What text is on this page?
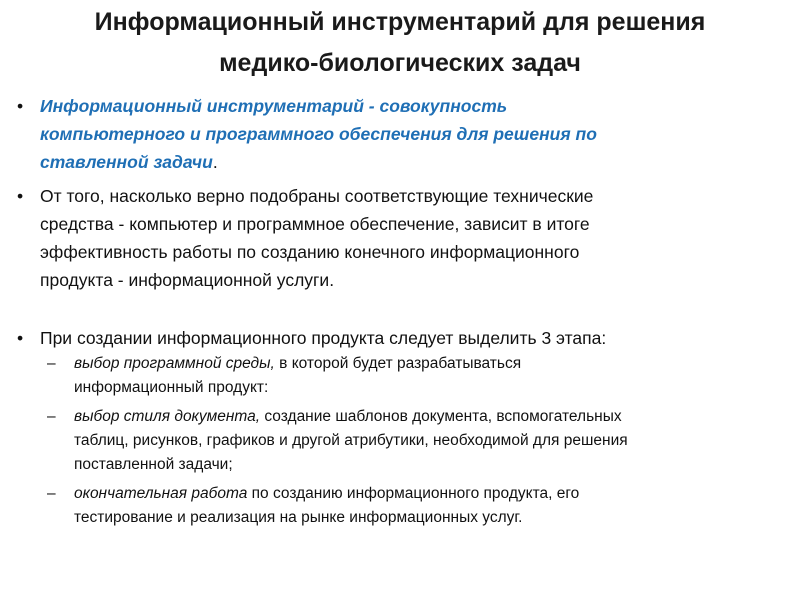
Информационный инструментарий для решения
медико-биологических задач
• Информационный инструментарий - совокупность
компьютерного и программного обеспечения для решения по
ставленной задачи.
• От того, насколько верно подобраны соответствующие технические
средства - компьютер и программное обеспечение, зависит в итоге
эффективность работы по созданию конечного информационного
продукта - информационной услуги.
• При создании информационного продукта следует выделить 3 этапа:
– выбор программной среды, в которой будет разрабатываться
информационный продукт:
– выбор стиля документа, создание шаблонов документа, вспомогательных
таблиц, рисунков, графиков и другой атрибутики, необходимой для решения
поставленной задачи;
– окончательная работа по созданию информационного продукта, его
тестирование и реализация на рынке информационных услуг.
